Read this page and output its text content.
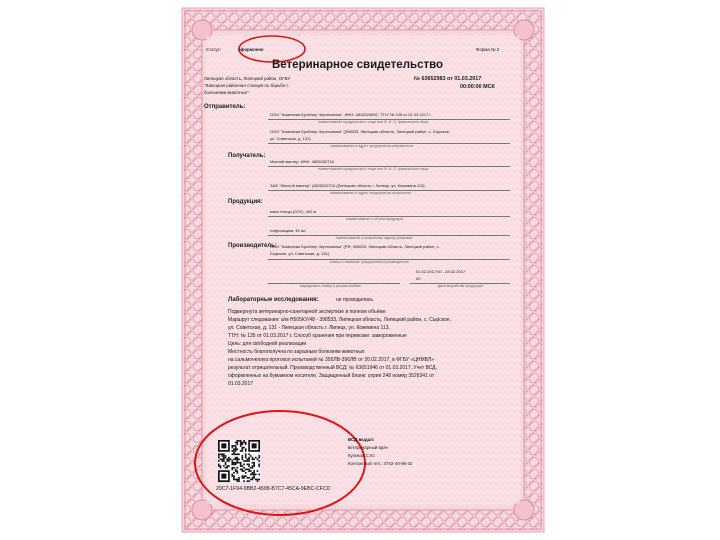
Статус:	оформлено	Форма № 2
Ветеринарное свидетельство
Липецкая область, Липецкий район, ОГБУ
"Липецкая районная станция по борьбе с
болезнями животных"
№ 63652983 от 01.03.2017
00:00:00 МСК
Отправитель:
ООО "Компания Бройлер Черноземья", ИНН: 4813025692, ТТН: № 135 от 01.03.2017 г.
наименование юридического лица или Ф. И. О. физического лица
ООО "Компания Бройлер Черноземья" (398533, Липецкая область, Липецкий район, с. Сырское,
ул. Советская, д. 131)
наименование и адрес предприятия-отправителя
Получатель:
Мясной мастер, ИНН: 4825032716
наименование юридического лица или Ф. И. О. физического лица
ЗАО "Мясной мастер" (4825032716 (Липецкая область г. Липецк, ул. Кожевена 113)
наименование и адрес предприятия-получателя
Продукция:
мясо птицы (ОЗУ), 400 кг
наименование и объём продукции
гофроящики, 40 шт.
наименование и количество единиц упаковки
Производитель:
ООО "Компания Бройлер Черноземья" (РФ, 398533, Липецкая область, Липецкий район, с.
Сырское, ул. Советская, д. 131)
номер и название предприятия-производителя
01.02.2017:00 - 28.02.2017:
00
маркировка, номер и форма клейма	дата выработки продукции
Лабораторные исследования:	не проводились
Подвергнута ветеринарно-санитарной экспертизе в полном объёме
Маршрут следования: а/м Н505КУ/48 - 398533, Липецкая область, Липецкий район, с. Сырское,
ул. Советская, д. 131 - Липецкая область г. Липецк, ул. Кожевена 113.
ТТН: № 135 от 01.03.2017 г. Способ хранения при перевозке: замороженные
Цель: для свободной реализации
Местность благополучна по заразным болезням животных
на сальмонеллез протокол испытаний № 395ЛВ-396ЛВ от 20.02.2017, в ФГБУ «ЦНМВЛ»
результат отрицательный. Производственный ВСД: № 63651946 от 01.03.2017. Учет ВСД,
оформленных на бумажном носителе. Защищенный бланк: серия 248 номер 3526341 от
01.03.2017
ВСД выдал:
ветеринарный врач
Куликов С.Ю.
Контактный тел.: 4742-40-06-42
20C7-1F94-9BB2-4508-B7C7-45CA-9EBC-CFC0
